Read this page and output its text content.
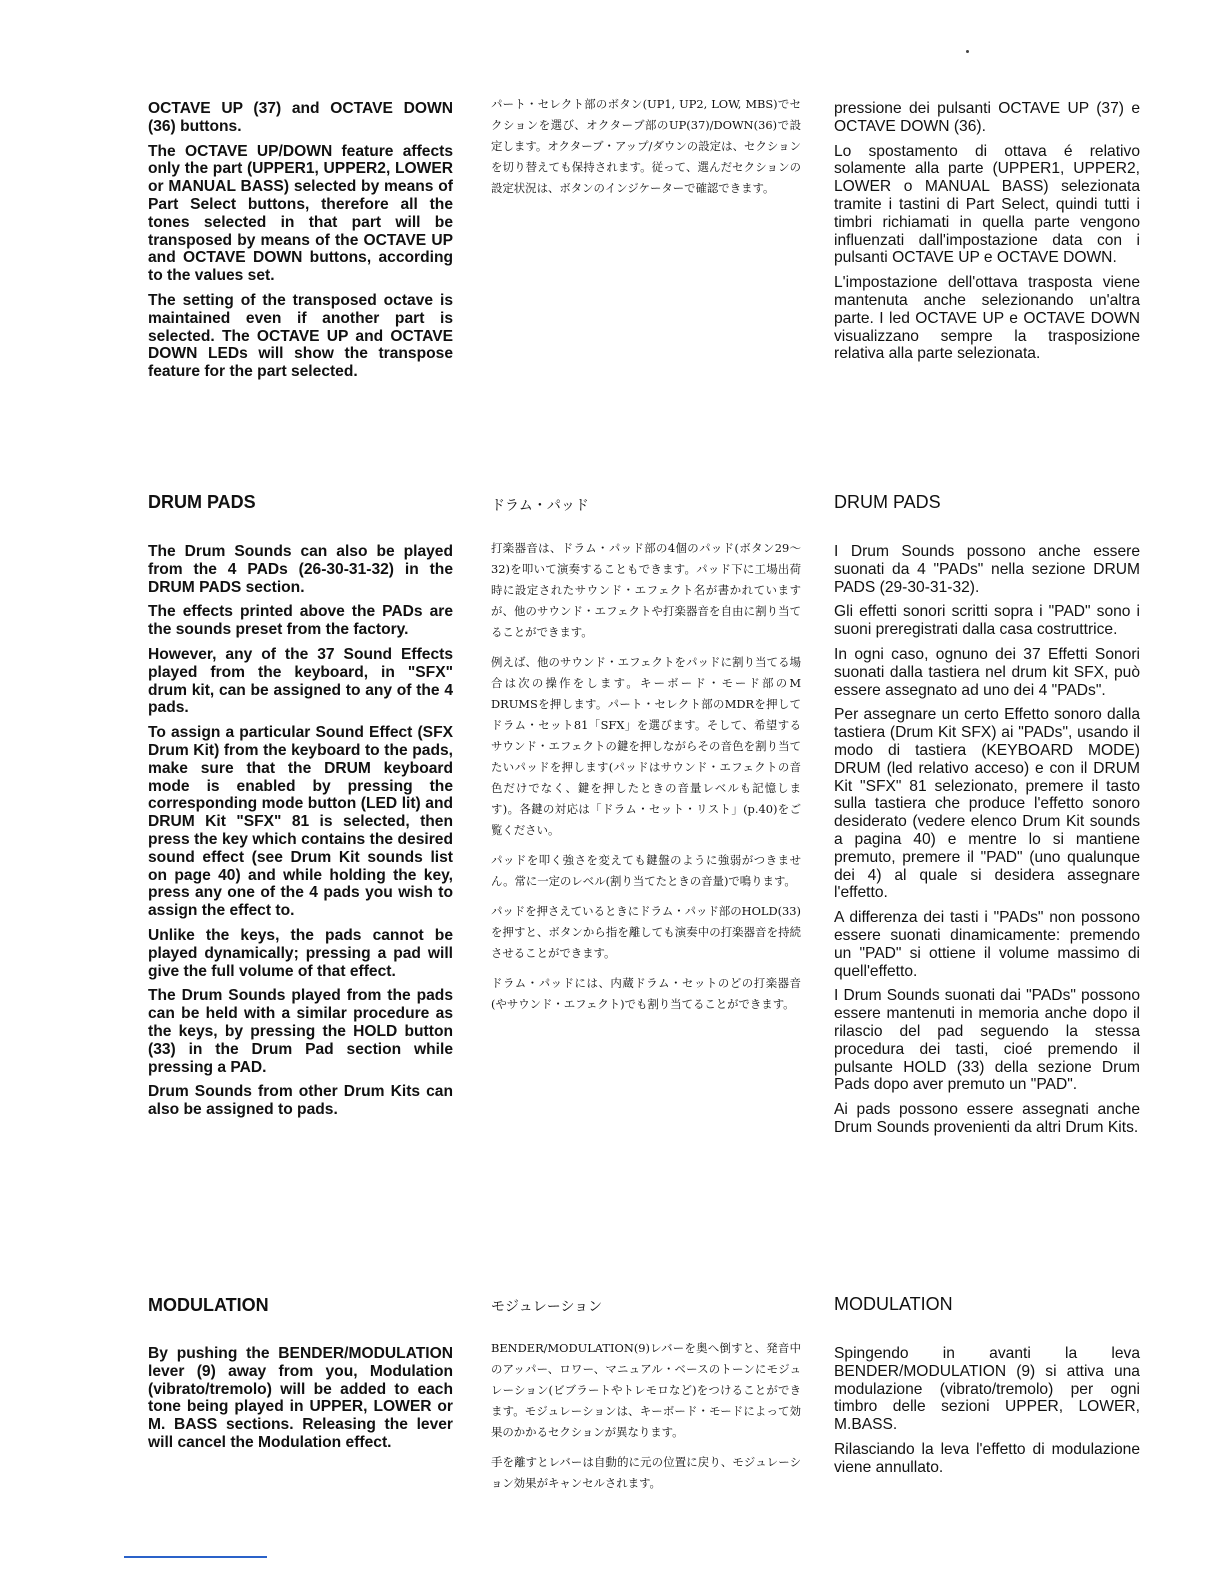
OCTAVE UP (37) and OCTAVE DOWN (36) buttons.

The OCTAVE UP/DOWN feature affects only the part (UPPER1, UPPER2, LOWER or MANUAL BASS) selected by means of Part Select buttons, therefore all the tones selected in that part will be transposed by means of the OCTAVE UP and OCTAVE DOWN buttons, according to the values set.

The setting of the transposed octave is maintained even if another part is selected. The OCTAVE UP and OCTAVE DOWN LEDs will show the transpose feature for the part selected.

パート・セレクト部のボタン(UP1, UP2, LOW, MBS)でセクションを選び、オクターブ部のUP(37)/DOWN(36)で設定します。オクターブ・アップ/ダウンの設定は、セクションを切り替えても保持されます。従って、選んだセクションの設定状況は、ボタンのインジケーターで確認できます。

pressione dei pulsanti OCTAVE UP (37) e OCTAVE DOWN (36).

Lo spostamento di ottava é relativo solamente alla parte (UPPER1, UPPER2, LOWER o MANUAL BASS) selezionata tramite i tastini di Part Select, quindi tutti i timbri richiamati in quella parte vengono influenzati dall'impostazione data con i pulsanti OCTAVE UP e OCTAVE DOWN.

L'impostazione dell'ottava trasposta viene mantenuta anche selezionando un'altra parte. I led OCTAVE UP e OCTAVE DOWN visualizzano sempre la trasposizione relativa alla parte selezionata.

DRUM PADS	ドラム・パッド	DRUM PADS

The Drum Sounds can also be played from the 4 PADs (26-30-31-32) in the DRUM PADS section.

The effects printed above the PADs are the sounds preset from the factory.

However, any of the 37 Sound Effects played from the keyboard, in "SFX" drum kit, can be assigned to any of the 4 pads.

To assign a particular Sound Effect (SFX Drum Kit) from the keyboard to the pads, make sure that the DRUM keyboard mode is enabled by pressing the corresponding mode button (LED lit) and DRUM Kit "SFX" 81 is selected, then press the key which contains the desired sound effect (see Drum Kit sounds list on page 40) and while holding the key, press any one of the 4 pads you wish to assign the effect to.

Unlike the keys, the pads cannot be played dynamically; pressing a pad will give the full volume of that effect.

The Drum Sounds played from the pads can be held with a similar procedure as the keys, by pressing the HOLD button (33) in the Drum Pad section while pressing a PAD.

Drum Sounds from other Drum Kits can also be assigned to pads.

打楽器音は、ドラム・パッド部の4個のパッド(ボタン29〜32)を叩いて演奏することもできます。パッド下に工場出荷時に設定されたサウンド・エフェクト名が書かれていますが、他のサウンド・エフェクトや打楽器音を自由に割り当てることができます。

例えば、他のサウンド・エフェクトをパッドに割り当てる場合は次の操作をします。キーボード・モード部のM DRUMSを押します。パート・セレクト部のMDRを押してドラム・セット81「SFX」を選びます。そして、希望するサウンド・エフェクトの鍵を押しながらその音色を割り当てたいパッドを押します(パッドはサウンド・エフェクトの音色だけでなく、鍵を押したときの音量レベルも記憶します)。各鍵の対応は「ドラム・セット・リスト」(p.40)をご覧ください。

パッドを叩く強さを変えても鍵盤のように強弱がつきません。常に一定のレベル(割り当てたときの音量)で鳴ります。

パッドを押さえているときにドラム・パッド部のHOLD(33)を押すと、ボタンから指を離しても演奏中の打楽器音を持続させることができます。

ドラム・パッドには、内蔵ドラム・セットのどの打楽器音(やサウンド・エフェクト)でも割り当てることができます。

I Drum Sounds possono anche essere suonati da 4 "PADs" nella sezione DRUM PADS (29-30-31-32).

Gli effetti sonori scritti sopra i "PAD" sono i suoni preregistrati dalla casa costruttrice.

In ogni caso, ognuno dei 37 Effetti Sonori suonati dalla tastiera nel drum kit SFX, può essere assegnato ad uno dei 4 "PADs".

Per assegnare un certo Effetto sonoro dalla tastiera (Drum Kit SFX) ai "PADs", usando il modo di tastiera (KEYBOARD MODE) DRUM (led relativo acceso) e con il DRUM Kit "SFX" 81 selezionato, premere il tasto sulla tastiera che produce l'effetto sonoro desiderato (vedere elenco Drum Kit sounds a pagina 40) e mentre lo si mantiene premuto, premere il "PAD" (uno qualunque dei 4) al quale si desidera assegnare l'effetto.

A differenza dei tasti i "PADs" non possono essere suonati dinamicamente: premendo un "PAD" si ottiene il volume massimo di quell'effetto.

I Drum Sounds suonati dai "PADs" possono essere mantenuti in memoria anche dopo il rilascio del pad seguendo la stessa procedura dei tasti, cioé premendo il pulsante HOLD (33) della sezione Drum Pads dopo aver premuto un "PAD".

Ai pads possono essere assegnati anche Drum Sounds provenienti da altri Drum Kits.

MODULATION	モジュレーション	MODULATION

By pushing the BENDER/MODULATION lever (9) away from you, Modulation (vibrato/tremolo) will be added to each tone being played in UPPER, LOWER or M. BASS sections. Releasing the lever will cancel the Modulation effect.

BENDER/MODULATION(9)レバーを奥へ倒すと、発音中のアッパー、ロワー、マニュアル・ベースのトーンにモジュレーション(ビブラートやトレモロなど)をつけることができます。モジュレーションは、キーボード・モードによって効果のかかるセクションが異なります。

手を離すとレバーは自動的に元の位置に戻り、モジュレーション効果がキャンセルされます。

Spingendo in avanti la leva BENDER/MODULATION (9) si attiva una modulazione (vibrato/tremolo) per ogni timbro delle sezioni UPPER, LOWER, M.BASS.

Rilasciando la leva l'effetto di modulazione viene annullato.
